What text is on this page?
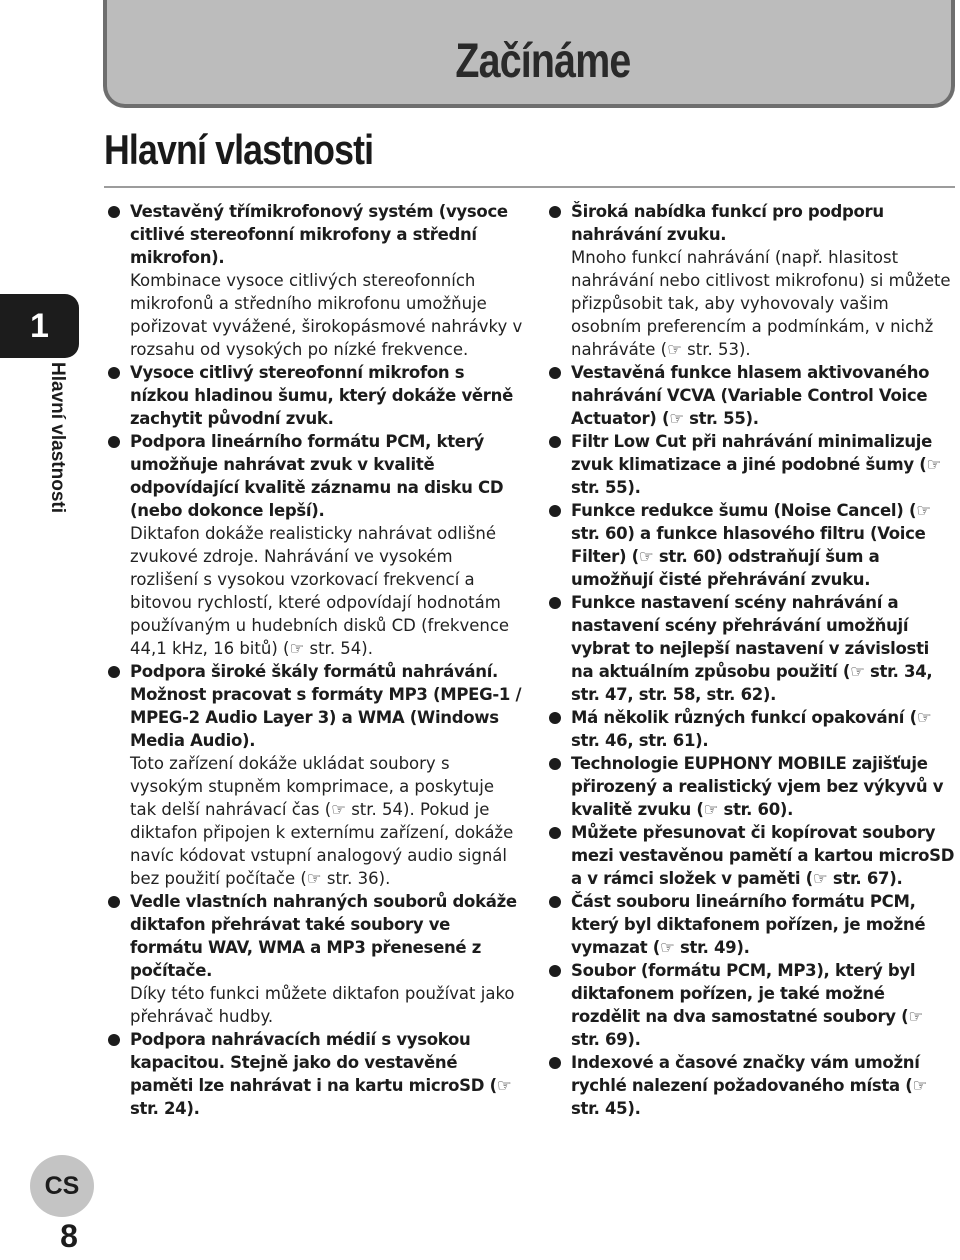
Začínáme
Hlavní vlastnosti
1
Hlavní vlastnosti
CS
8
Vestavěný třímikrofonový systém (vysoce citlivé stereofonní mikrofony a střední mikrofon).
Kombinace vysoce citlivých stereofonních mikrofonů a středního mikrofonu umožňuje pořizovat vyvážené, širokopásmové nahrávky v rozsahu od vysokých po nízké frekvence.
Vysoce citlivý stereofonní mikrofon s nízkou hladinou šumu, který dokáže věrně zachytit původní zvuk.
Podpora lineárního formátu PCM, který umožňuje nahrávat zvuk v kvalitě odpovídající kvalitě záznamu na disku CD (nebo dokonce lepší).
Diktafon dokáže realisticky nahrávat odlišné zvukové zdroje. Nahrávání ve vysokém rozlišení s vysokou vzorkovací frekvencí a bitovou rychlostí, které odpovídají hodnotám používaným u hudebních disků CD (frekvence 44,1 kHz, 16 bitů) (☞ str. 54).
Podpora široké škály formátů nahrávání. Možnost pracovat s formáty MP3 (MPEG-1 / MPEG-2 Audio Layer 3) a WMA (Windows Media Audio).
Toto zařízení dokáže ukládat soubory s vysokým stupněm komprimace, a poskytuje tak delší nahrávací čas (☞ str. 54). Pokud je diktafon připojen k externímu zařízení, dokáže navíc kódovat vstupní analogový audio signál bez použití počítače (☞ str. 36).
Vedle vlastních nahraných souborů dokáže diktafon přehrávat také soubory ve formátu WAV, WMA a MP3 přenesené z počítače.
Díky této funkci můžete diktafon používat jako přehrávač hudby.
Podpora nahrávacích médií s vysokou kapacitou. Stejně jako do vestavěné paměti lze nahrávat i na kartu microSD (☞ str. 24).
Široká nabídka funkcí pro podporu nahrávání zvuku.
Mnoho funkcí nahrávání (např. hlasitost nahrávání nebo citlivost mikrofonu) si můžete přizpůsobit tak, aby vyhovovaly vašim osobním preferencím a podmínkám, v nichž nahráváte (☞ str. 53).
Vestavěná funkce hlasem aktivovaného nahrávání VCVA (Variable Control Voice Actuator) (☞ str. 55).
Filtr Low Cut při nahrávání minimalizuje zvuk klimatizace a jiné podobné šumy (☞ str. 55).
Funkce redukce šumu (Noise Cancel) (☞ str. 60) a funkce hlasového filtru (Voice Filter) (☞ str. 60) odstraňují šum a umožňují čisté přehrávání zvuku.
Funkce nastavení scény nahrávání a nastavení scény přehrávání umožňují vybrat to nejlepší nastavení v závislosti na aktuálním způsobu použití (☞ str. 34, str. 47, str. 58, str. 62).
Má několik různých funkcí opakování (☞ str. 46, str. 61).
Technologie EUPHONY MOBILE zajišťuje přirozený a realistický vjem bez výkyvů v kvalitě zvuku (☞ str. 60).
Můžete přesunovat či kopírovat soubory mezi vestavěnou pamětí a kartou microSD a v rámci složek v paměti (☞ str. 67).
Část souboru lineárního formátu PCM, který byl diktafonem pořízen, je možné vymazat (☞ str. 49).
Soubor (formátu PCM, MP3), který byl diktafonem pořízen, je také možné rozdělit na dva samostatné soubory (☞ str. 69).
Indexové a časové značky vám umožní rychlé nalezení požadovaného místa (☞ str. 45).
